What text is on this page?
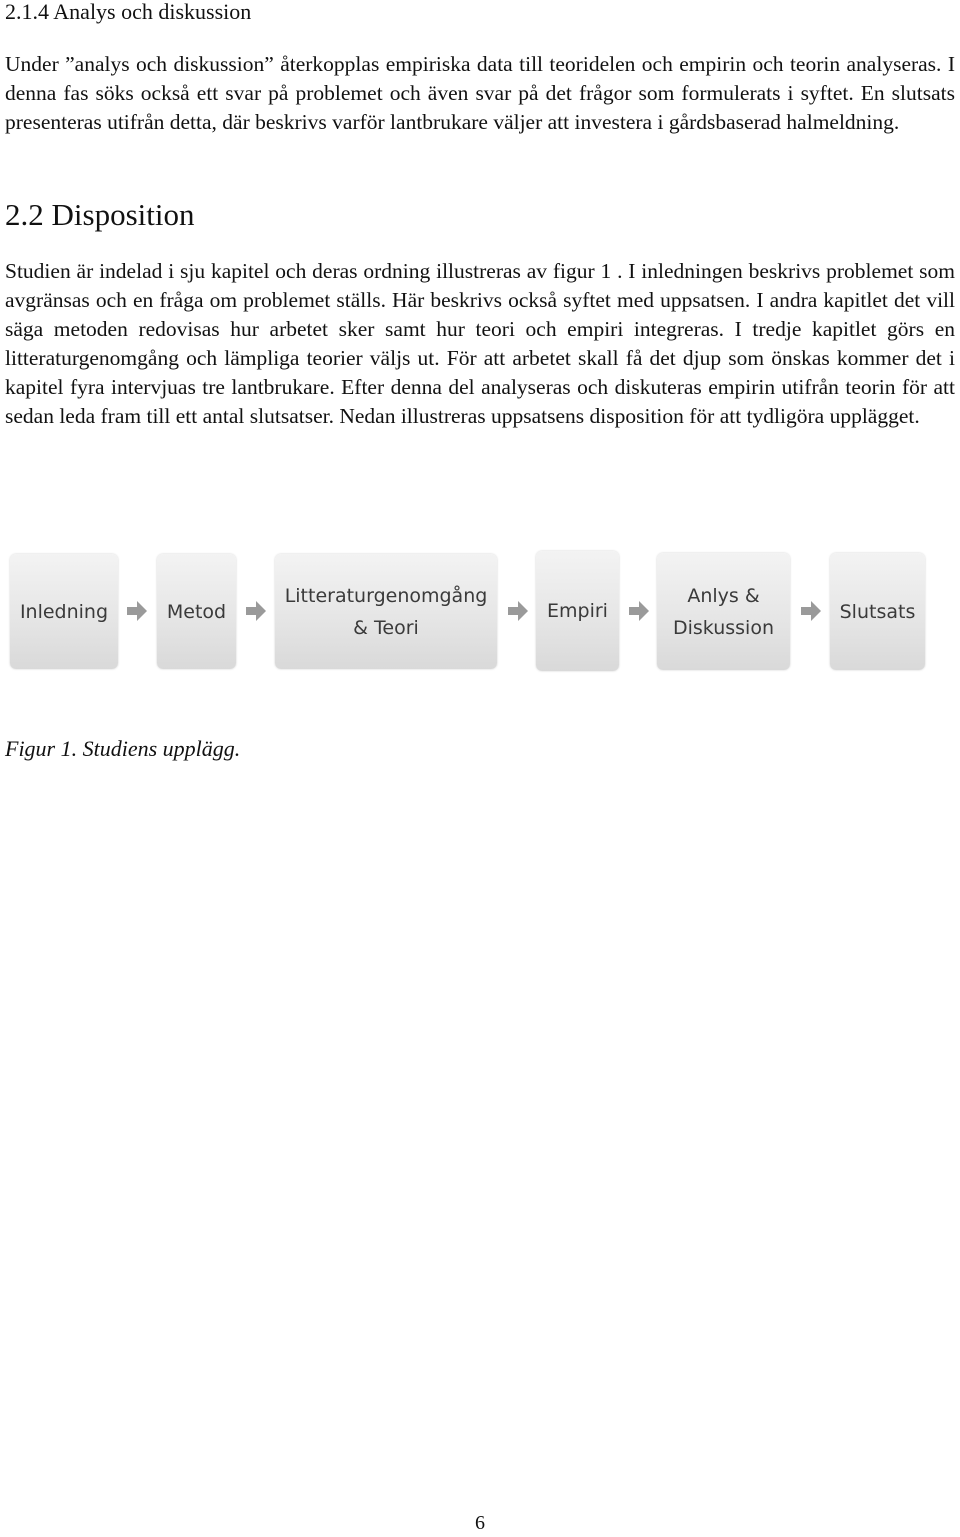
2.1.4 Analys och diskussion

Under ”analys och diskussion” återkopplas empiriska data till teoridelen och empirin och teorin analyseras. I denna fas söks också ett svar på problemet och även svar på det frågor som formulerats i syftet. En slutsats presenteras utifrån detta, där beskrivs varför lantbrukare väljer att investera i gårdsbaserad halmeldning.

2.2 Disposition

Studien är indelad i sju kapitel och deras ordning illustreras av figur 1 . I inledningen beskrivs problemet som avgränsas och en fråga om problemet ställs. Här beskrivs också syftet med uppsatsen. I andra kapitlet det vill säga metoden redovisas hur arbetet sker samt hur teori och empiri integreras. I tredje kapitlet görs en litteraturgenomgång och lämpliga teorier väljs ut. För att arbetet skall få det djup som önskas kommer det i kapitel fyra intervjuas tre lantbrukare. Efter denna del analyseras och diskuteras empirin utifrån teorin för att sedan leda fram till ett antal slutsatser. Nedan illustreras uppsatsens disposition för att tydligöra upplägget.

Inledning	Metod
Litteraturgenomgång
& Teori
Empiri
Anlys &
Diskussion
Slutsats

Figur 1. Studiens upplägg.

6
